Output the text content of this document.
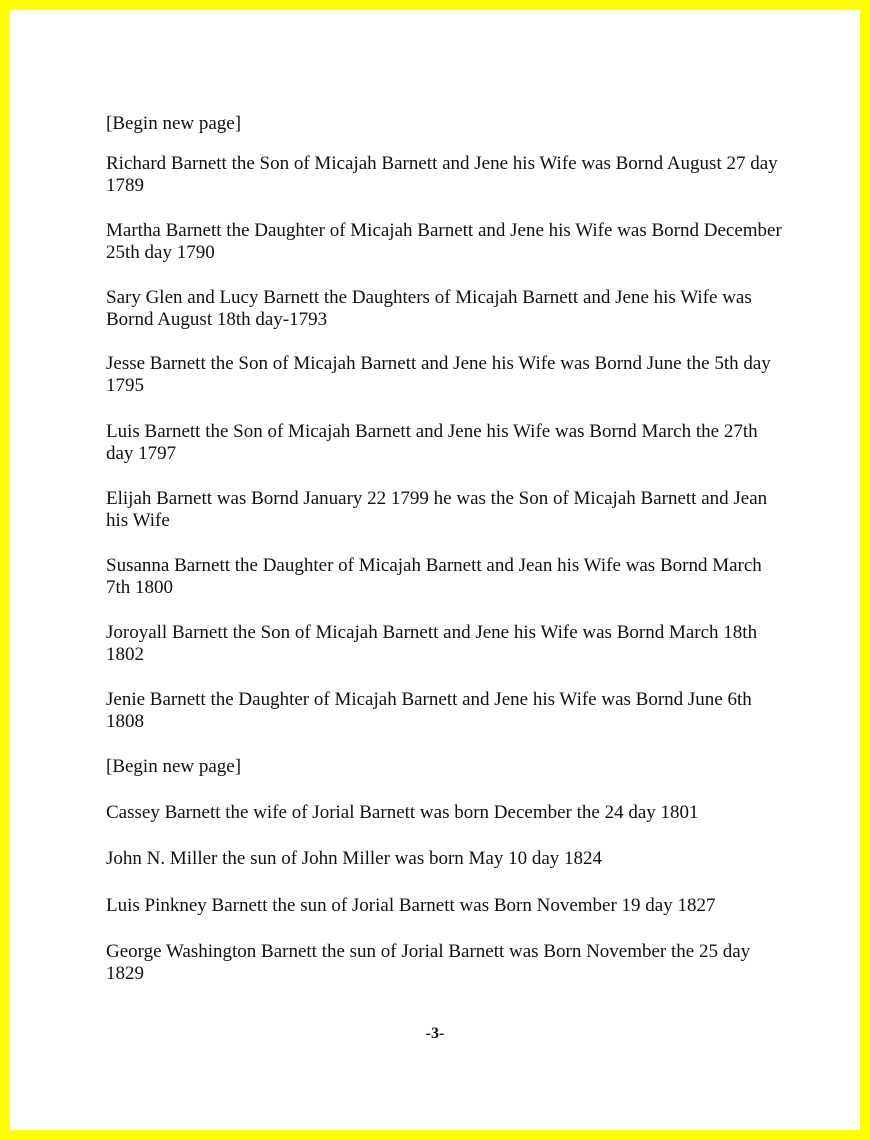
[Begin new page]

Richard Barnett the Son of Micajah Barnett and Jene his Wife was Bornd August 27 day 1789

Martha Barnett the Daughter of Micajah Barnett and Jene his Wife was Bornd December 25th day 1790

Sary Glen and Lucy Barnett the Daughters of Micajah Barnett and Jene his Wife was Bornd August 18th day-1793

Jesse Barnett the Son of Micajah Barnett and Jene his Wife was Bornd June the 5th day 1795

Luis Barnett the Son of Micajah Barnett and Jene his Wife was Bornd March the 27th day 1797

Elijah Barnett was Bornd January 22 1799 he was the Son of Micajah Barnett and Jean his Wife

Susanna Barnett the Daughter of Micajah Barnett and Jean his Wife was Bornd March 7th 1800

Joroyall Barnett the Son of Micajah Barnett and Jene his Wife was Bornd March 18th 1802

Jenie Barnett the Daughter of Micajah Barnett and Jene his Wife was Bornd June 6th 1808

[Begin new page]

Cassey Barnett the wife of Jorial Barnett was born December the 24 day 1801

John N. Miller the sun of John Miller was born May 10 day 1824

Luis Pinkney Barnett the sun of Jorial Barnett was Born November 19 day 1827

George Washington Barnett the sun of Jorial Barnett was Born November the 25 day 1829

-3-
